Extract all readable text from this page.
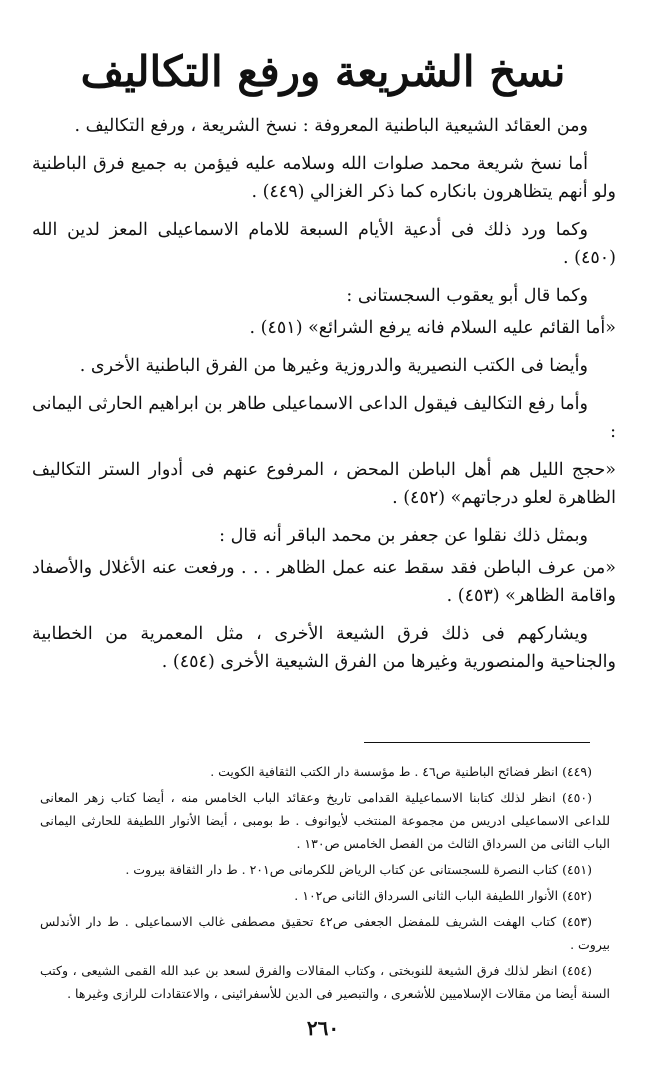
نسخ الشريعة ورفع التكاليف

ومن العقائد الشيعية الباطنية المعروفة : نسخ الشريعة ، ورفع التكاليف .

أما نسخ شريعة محمد صلوات الله وسلامه عليه فيؤمن به جميع فرق الباطنية ولو أنهم يتظاهرون بانكاره كما ذكر الغزالي (٤٤٩) .

وكما ورد ذلك فى أدعية الأيام السبعة للامام الاسماعيلى المعز لدين الله (٤٥٠) .

وكما قال أبو يعقوب السجستانى :

«أما القائم عليه السلام فانه يرفع الشرائع» (٤٥١) .

وأيضا فى الكتب النصيرية والدروزية وغيرها من الفرق الباطنية الأخرى .

وأما رفع التكاليف فيقول الداعى الاسماعيلى طاهر بن ابراهيم الحارثى اليمانى :

«حجج الليل هم أهل الباطن المحض ، المرفوع عنهم فى أدوار الستر التكاليف الظاهرة لعلو درجاتهم» (٤٥٢) .

وبمثل ذلك نقلوا عن جعفر بن محمد الباقر أنه قال :

«من عرف الباطن فقد سقط عنه عمل الظاهر . . . ورفعت عنه الأغلال والأصفاد واقامة الظاهر» (٤٥٣) .

ويشاركهم فى ذلك فرق الشيعة الأخرى ، مثل المعمرية من الخطابية والجناحية والمنصورية وغيرها من الفرق الشيعية الأخرى (٤٥٤) .

(٤٤٩) انظر فضائح الباطنية ص٤٦ . ط مؤسسة دار الكتب الثقافية الكويت .

(٤٥٠) انظر لذلك كتابنا الاسماعيلية القدامى تاريخ وعقائد الباب الخامس منه ، أيضا كتاب زهر المعانى للداعى الاسماعيلى ادريس من مجموعة المنتخب لأيوانوف . ط بومبى ، أيضا الأنوار اللطيفة للحارثى اليمانى الباب الثانى من السرداق الثالث من الفصل الخامس ص١٣٠ .

(٤٥١) كتاب النصرة للسجستانى عن كتاب الرياض للكرمانى ص٢٠١ . ط دار الثقافة بيروت .

(٤٥٢) الأنوار اللطيفة الباب الثانى السرداق الثانى ص١٠٢ .

(٤٥٣) كتاب الهفت الشريف للمفضل الجعفى ص٤٢ تحقيق مصطفى غالب الاسماعيلى . ط دار الأندلس بيروت .

(٤٥٤) انظر لذلك فرق الشيعة للنوبختى ، وكتاب المقالات والفرق لسعد بن عبد الله القمى الشيعى ، وكتب السنة أيضا من مقالات الإسلاميين للأشعرى ، والتبصير فى الدين للأسفرائينى ، والاعتقادات للرازى وغيرها .

٢٦٠
